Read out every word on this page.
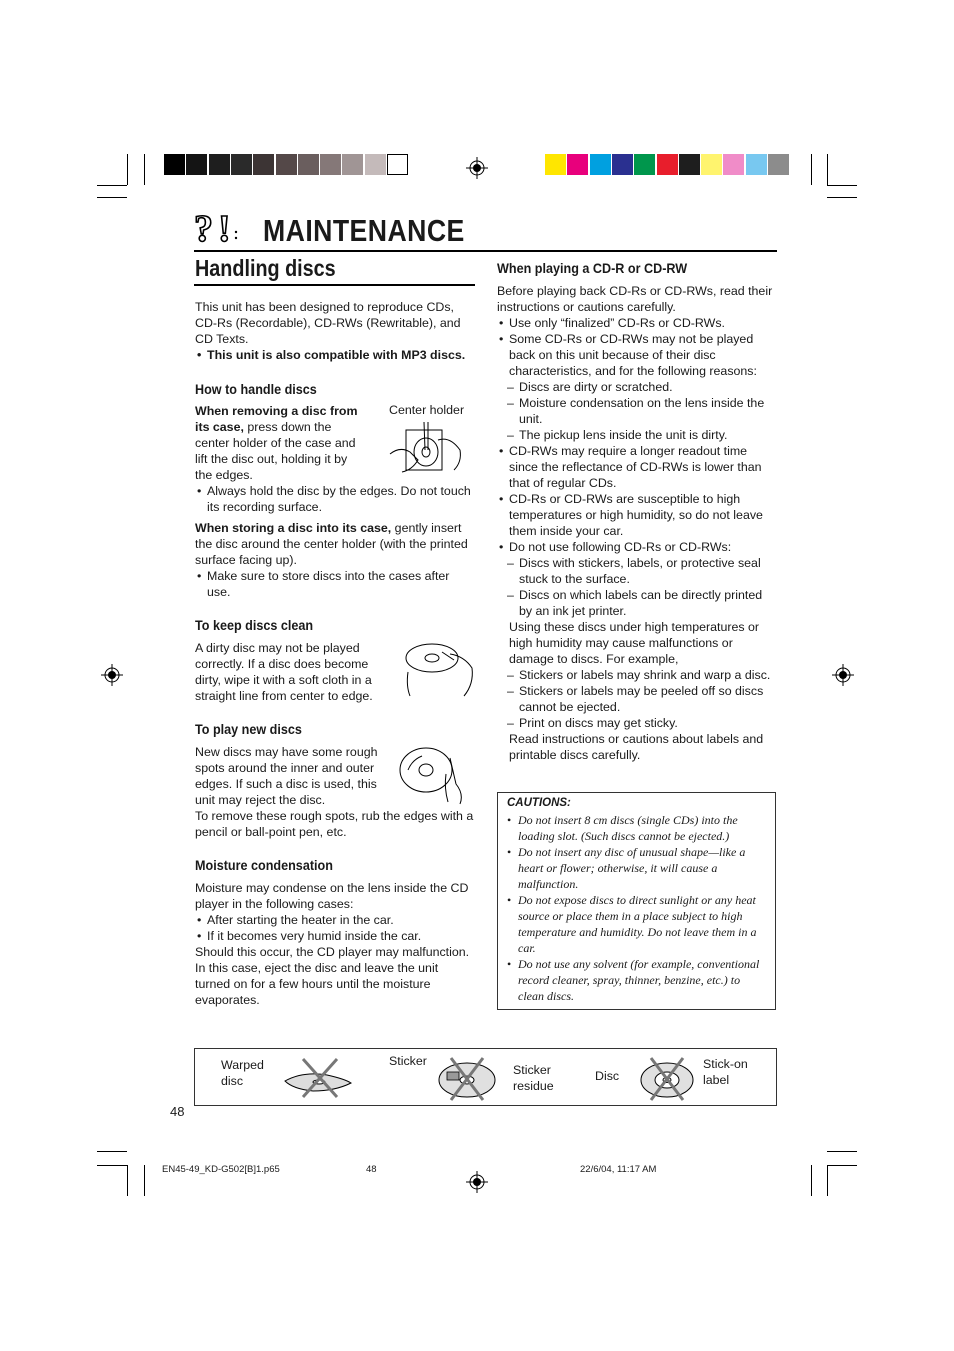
? ! MAINTENANCE
Handling discs

This unit has been designed to reproduce CDs, CD-Rs (Recordable), CD-RWs (Rewritable), and CD Texts.

• This unit is also compatible with MP3 discs.

How to handle discs

When removing a disc from its case, press down the center holder of the case and lift the disc out, holding it by the edges.

Center holder

• Always hold the disc by the edges. Do not touch its recording surface.

When storing a disc into its case, gently insert the disc around the center holder (with the printed surface facing up).

• Make sure to store discs into the cases after use.

To keep discs clean

A dirty disc may not be played correctly. If a disc does become dirty, wipe it with a soft cloth in a straight line from center to edge.

To play new discs

New discs may have some rough spots around the inner and outer edges. If such a disc is used, this unit may reject the disc.

To remove these rough spots, rub the edges with a pencil or ball-point pen, etc.

Moisture condensation

Moisture may condense on the lens inside the CD player in the following cases:

• After starting the heater in the car.

• If it becomes very humid inside the car.

Should this occur, the CD player may malfunction. In this case, eject the disc and leave the unit turned on for a few hours until the moisture evaporates.

When playing a CD-R or CD-RW

Before playing back CD-Rs or CD-RWs, read their instructions or cautions carefully.

• Use only “finalized” CD-Rs or CD-RWs.

• Some CD-Rs or CD-RWs may not be played back on this unit because of their disc characteristics, and for the following reasons:

– Discs are dirty or scratched.

– Moisture condensation on the lens inside the unit.

– The pickup lens inside the unit is dirty.

• CD-RWs may require a longer readout time since the reflectance of CD-RWs is lower than that of regular CDs.

• CD-Rs or CD-RWs are susceptible to high temperatures or high humidity, so do not leave them inside your car.

• Do not use following CD-Rs or CD-RWs:

– Discs with stickers, labels, or protective seal stuck to the surface.

– Discs on which labels can be directly printed by an ink jet printer.

Using these discs under high temperatures or high humidity may cause malfunctions or damage to discs. For example,

– Stickers or labels may shrink and warp a disc.

– Stickers or labels may be peeled off so discs cannot be ejected.

– Print on discs may get sticky.

Read instructions or cautions about labels and printable discs carefully.

CAUTIONS:

• Do not insert 8 cm discs (single CDs) into the loading slot. (Such discs cannot be ejected.)

• Do not insert any disc of unusual shape—like a heart or flower; otherwise, it will cause a malfunction.

• Do not expose discs to direct sunlight or any heat source or place them in a place subject to high temperature and humidity. Do not leave them in a car.

• Do not use any solvent (for example, conventional record cleaner, spray, thinner, benzine, etc.) to clean discs.

Warped
disc
Sticker
Sticker
residue
Disc
Stick-on
label
48
EN45-49_KD-G502[B]1.p65	48	22/6/04, 11:17 AM
